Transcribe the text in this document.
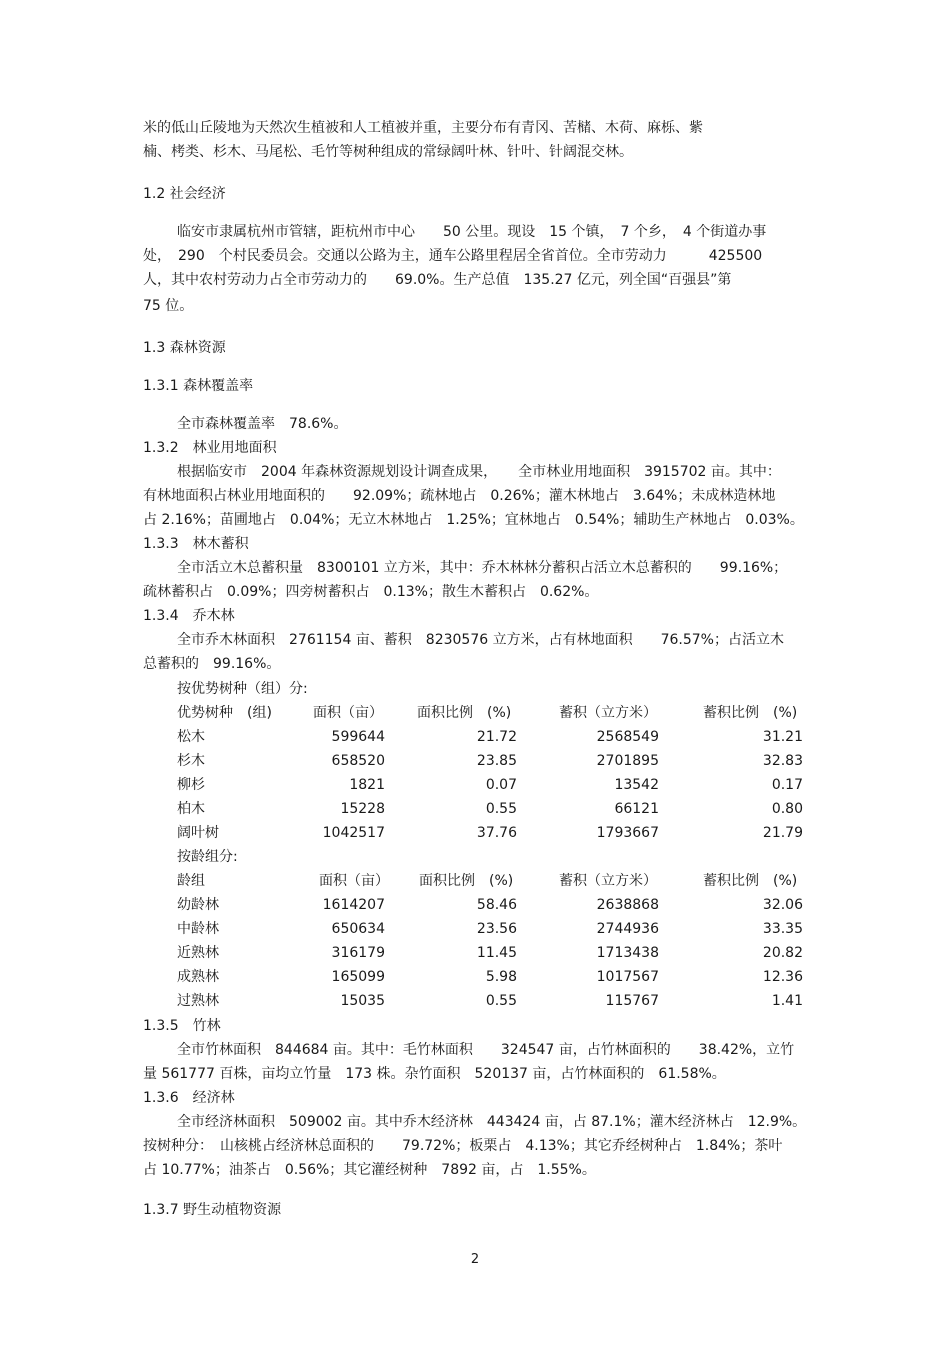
米的低山丘陵地为天然次生植被和人工植被并重，主要分布有青冈、苦槠、木荷、麻栎、紫
楠、栲类、杉木、马尾松、毛竹等树种组成的常绿阔叶林、针叶、针阔混交林。
1.2 社会经济
临安市隶属杭州市管辖，距杭州市中心　　50 公里。现设　15 个镇，　7 个乡，　4 个街道办事
处，　290　个村民委员会。交通以公路为主，通车公路里程居全省首位。全市劳动力　　　425500
人，其中农村劳动力占全市劳动力的　　69.0%。生产总值　135.27 亿元，列全国“百强县”第
75 位。
1.3 森林资源
1.3.1 森林覆盖率
全市森林覆盖率　78.6%。
1.3.2　林业用地面积
根据临安市　2004 年森林资源规划设计调查成果，　　全市林业用地面积　3915702 亩。其中：
有林地面积占林业用地面积的　　92.09%；疏林地占　0.26%；灌木林地占　3.64%；未成林造林地
占 2.16%；苗圃地占　0.04%；无立木林地占　1.25%；宜林地占　0.54%；辅助生产林地占　0.03%。
1.3.3　林木蓄积
全市活立木总蓄积量　8300101 立方米，其中：乔木林林分蓄积占活立木总蓄积的　　99.16%；
疏林蓄积占　0.09%；四旁树蓄积占　0.13%；散生木蓄积占　0.62%。
1.3.4　乔木林
全市乔木林面积　2761154 亩、蓄积　8230576 立方米，占有林地面积　　76.57%；占活立木
总蓄积的　99.16%。
按优势树种（组）分:
优势树种　(组)	面积（亩） 面积比例　(%)	蓄积（立方米）	蓄积比例　(%)
松木	599644	21.72	2568549	31.21
杉木	658520	23.85	2701895	32.83
柳杉	1821	0.07	13542	0.17
柏木	15228	0.55	66121	0.80
阔叶树	1042517	37.76	1793667	21.79
按龄组分:
龄组	面积（亩） 面积比例　(%)	蓄积（立方米）	蓄积比例　(%)
幼龄林	1614207	58.46	2638868	32.06
中龄林	650634	23.56	2744936	33.35
近熟林	316179	11.45	1713438	20.82
成熟林	165099	5.98	1017567	12.36
过熟林	15035	0.55	115767	1.41
1.3.5　竹林
全市竹林面积　844684 亩。其中：毛竹林面积　　324547 亩，占竹林面积的　　38.42%，立竹
量 561777 百株，亩均立竹量　173 株。杂竹面积　520137 亩，占竹林面积的　61.58%。
1.3.6　经济林
全市经济林面积　509002 亩。其中乔木经济林　443424 亩，占 87.1%；灌木经济林占　12.9%。
按树种分：　山核桃占经济林总面积的　　79.72%；板栗占　4.13%；其它乔经树种占　1.84%；茶叶
占 10.77%；油茶占　0.56%；其它灌经树种　7892 亩，占　1.55%。
1.3.7 野生动植物资源
2
